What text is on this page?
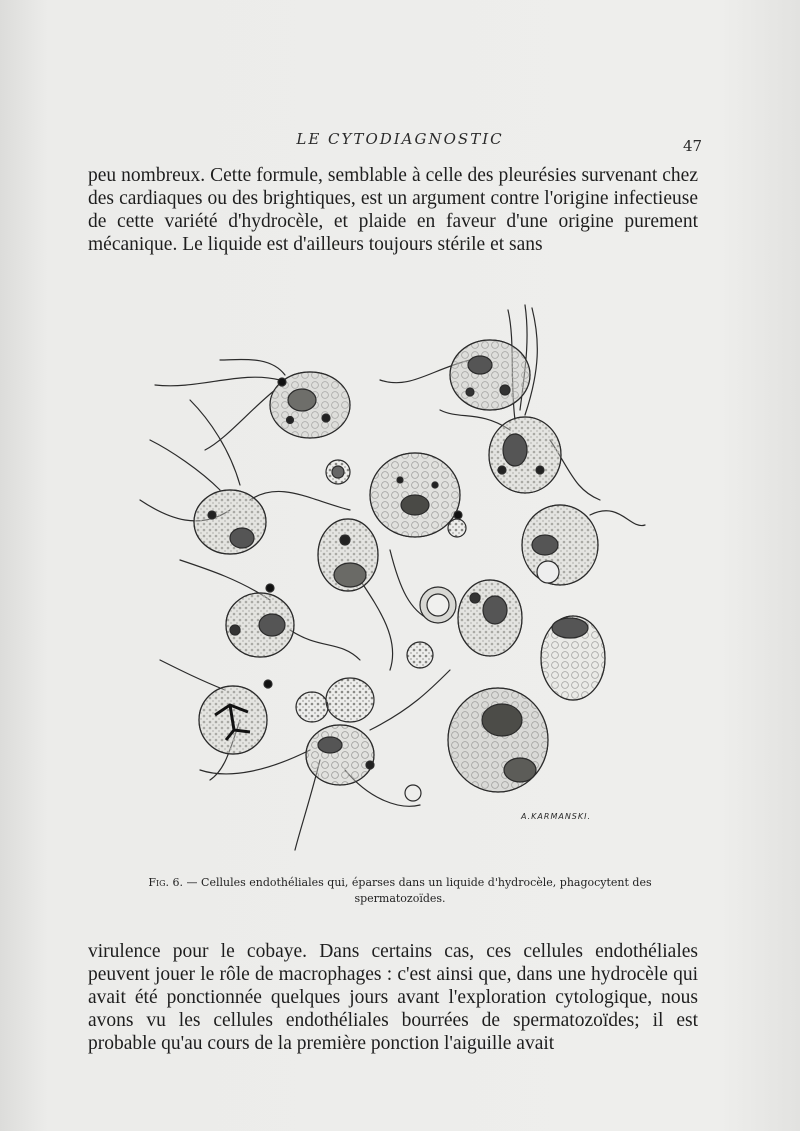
LE CYTODIAGNOSTIC	47

peu nombreux. Cette formule, semblable à celle des pleurésies survenant chez des cardiaques ou des brightiques, est un argument contre l'origine infectieuse de cette variété d'hydrocèle, et plaide en faveur d'une origine purement mécanique. Le liquide est d'ailleurs toujours stérile et sans

A.KARMANSKI.
Fig. 6. — Cellules endothéliales qui, éparses dans un liquide d'hydrocèle, phagocytent des spermatozoïdes.

virulence pour le cobaye. Dans certains cas, ces cellules endothéliales peuvent jouer le rôle de macrophages : c'est ainsi que, dans une hydrocèle qui avait été ponctionnée quelques jours avant l'exploration cytologique, nous avons vu les cellules endothéliales bourrées de spermatozoïdes; il est probable qu'au cours de la première ponction l'aiguille avait
